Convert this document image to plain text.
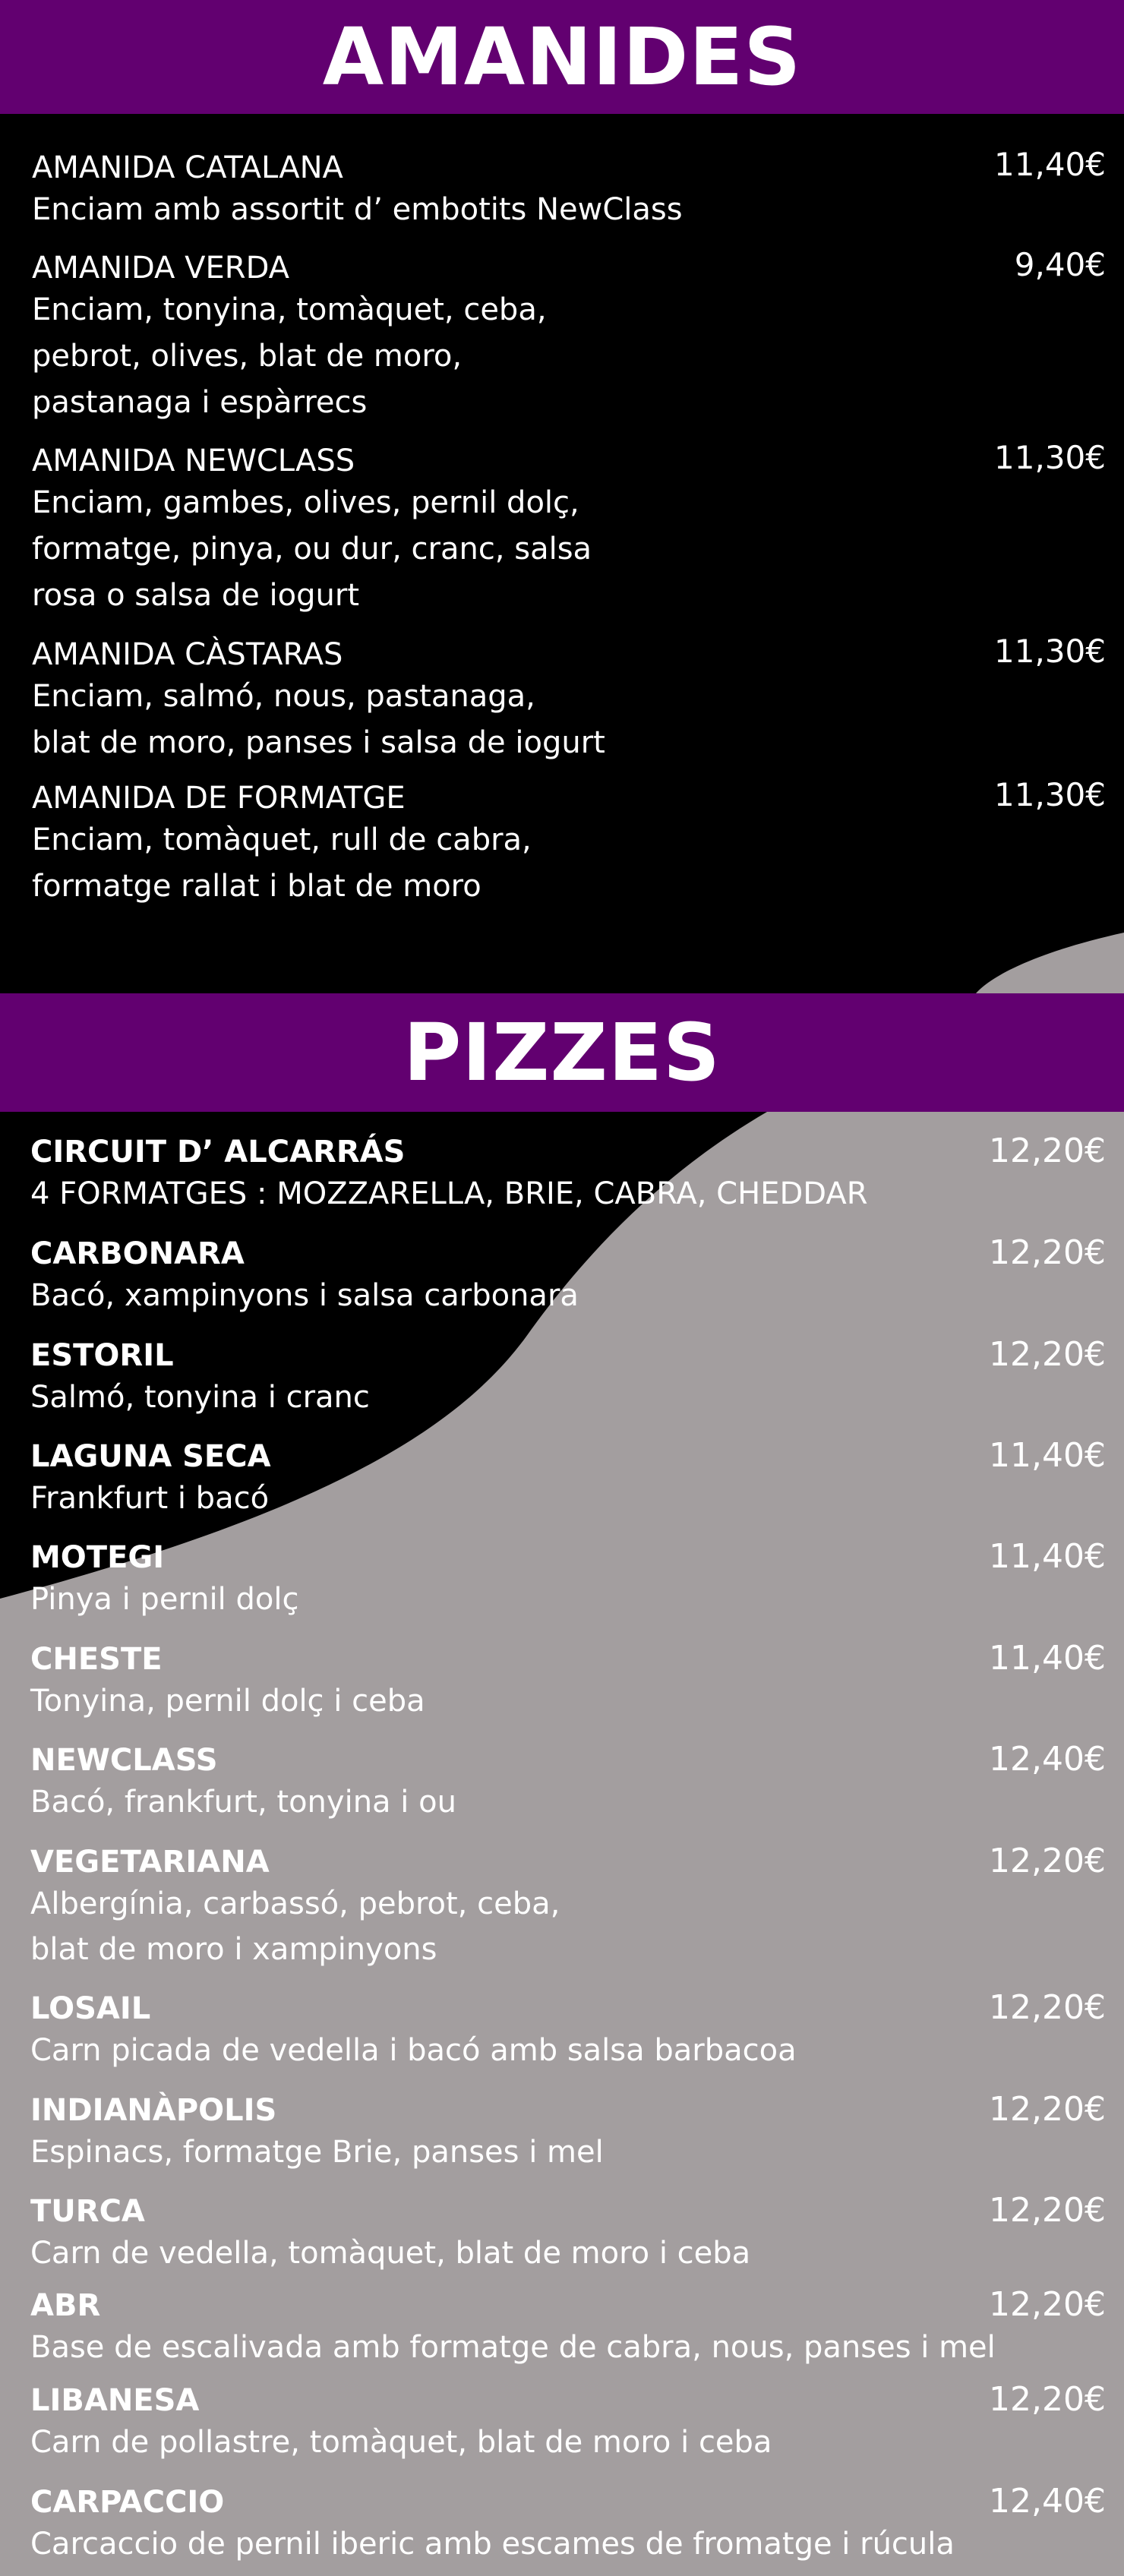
AMANIDES
AMANIDA CATALANA
Enciam amb assortit d’ embotits NewClass
11,40€
AMANIDA VERDA
Enciam, tonyina, tomàquet, ceba,
pebrot, olives, blat de moro,
pastanaga i espàrrecs
9,40€
AMANIDA NEWCLASS
Enciam, gambes, olives, pernil dolç,
formatge, pinya, ou dur, cranc, salsa
rosa o salsa de iogurt
11,30€
AMANIDA CÀSTARAS
Enciam, salmó, nous, pastanaga,
blat de moro, panses i salsa de iogurt
11,30€
AMANIDA DE FORMATGE
Enciam, tomàquet, rull de cabra,
formatge rallat i blat de moro
11,30€
PIZZES
CIRCUIT D’ ALCARRÁS
4 FORMATGES : MOZZARELLA, BRIE, CABRA, CHEDDAR
12,20€
CARBONARA
Bacó, xampinyons i salsa carbonara
12,20€
ESTORIL
Salmó, tonyina i cranc
12,20€
LAGUNA SECA
Frankfurt i bacó
11,40€
MOTEGI
Pinya i pernil dolç
11,40€
CHESTE
Tonyina, pernil dolç i ceba
11,40€
NEWCLASS
Bacó, frankfurt, tonyina i ou
12,40€
VEGETARIANA
Albergínia, carbassó, pebrot, ceba,
blat de moro i xampinyons
12,20€
LOSAIL
Carn picada de vedella i bacó amb salsa barbacoa
12,20€
INDIANÀPOLIS
Espinacs, formatge Brie, panses i mel
12,20€
TURCA
Carn de vedella, tomàquet, blat de moro i ceba
12,20€
ABR
Base de escalivada amb formatge de cabra, nous, panses i mel
12,20€
LIBANESA
Carn de pollastre, tomàquet, blat de moro i ceba
12,20€
CARPACCIO
Carcaccio de pernil iberic amb escames de fromatge i rúcula
12,40€
